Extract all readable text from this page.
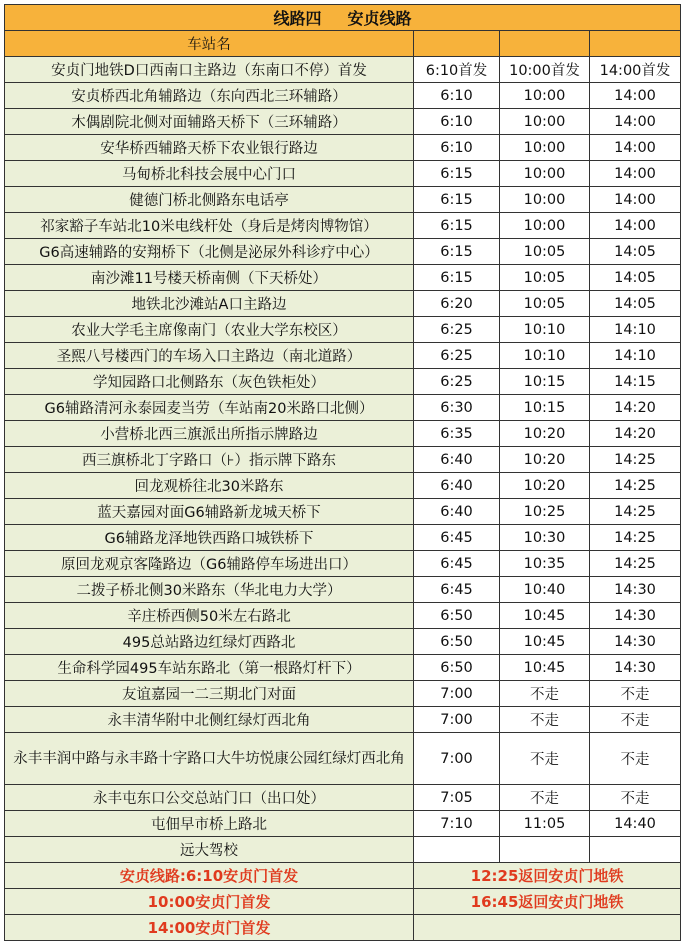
线路四 安贞线路			
车站名			
安贞门地铁D口西南口主路边（东南口不停）首发	6:10首发	10:00首发	14:00首发
安贞桥西北角辅路边（东向西北三环辅路）	6:10	10:00	14:00
木偶剧院北侧对面辅路天桥下（三环辅路）	6:10	10:00	14:00
安华桥西辅路天桥下农业银行路边	6:10	10:00	14:00
马甸桥北科技会展中心门口	6:15	10:00	14:00
健德门桥北侧路东电话亭	6:15	10:00	14:00
祁家豁子车站北10米电线杆处（身后是烤肉博物馆）	6:15	10:00	14:00
G6高速辅路的安翔桥下（北侧是泌尿外科诊疗中心）	6:15	10:05	14:05
南沙滩11号楼天桥南侧（下天桥处）	6:15	10:05	14:05
地铁北沙滩站A口主路边	6:20	10:05	14:05
农业大学毛主席像南门（农业大学东校区）	6:25	10:10	14:10
圣熙八号楼西门的车场入口主路边（南北道路）	6:25	10:10	14:10
学知园路口北侧路东（灰色铁柜处）	6:25	10:15	14:15
G6辅路清河永泰园麦当劳（车站南20米路口北侧）	6:30	10:15	14:20
小营桥北西三旗派出所指示牌路边	6:35	10:20	14:20
西三旗桥北丁字路口（⊦）指示牌下路东	6:40	10:20	14:25
回龙观桥往北30米路东	6:40	10:20	14:25
蓝天嘉园对面G6辅路新龙城天桥下	6:40	10:25	14:25
G6辅路龙泽地铁西路口城铁桥下	6:45	10:30	14:25
原回龙观京客隆路边（G6辅路停车场进出口）	6:45	10:35	14:25
二拨子桥北侧30米路东（华北电力大学）	6:45	10:40	14:30
辛庄桥西侧50米左右路北	6:50	10:45	14:30
495总站路边红绿灯西路北	6:50	10:45	14:30
生命科学园495车站东路北（第一根路灯杆下）	6:50	10:45	14:30
友谊嘉园一二三期北门对面	7:00	不走	不走
永丰清华附中北侧红绿灯西北角	7:00	不走	不走
永丰丰润中路与永丰路十字路口大牛坊悦康公园红绿灯西北角	7:00	不走	不走
永丰屯东口公交总站门口（出口处）	7:05	不走	不走
屯佃早市桥上路北	7:10	11:05	14:40
远大驾校			
安贞线路:6:10安贞门首发	12:25返回安贞门地铁		
10:00安贞门首发	16:45返回安贞门地铁		
14:00安贞门首发			
